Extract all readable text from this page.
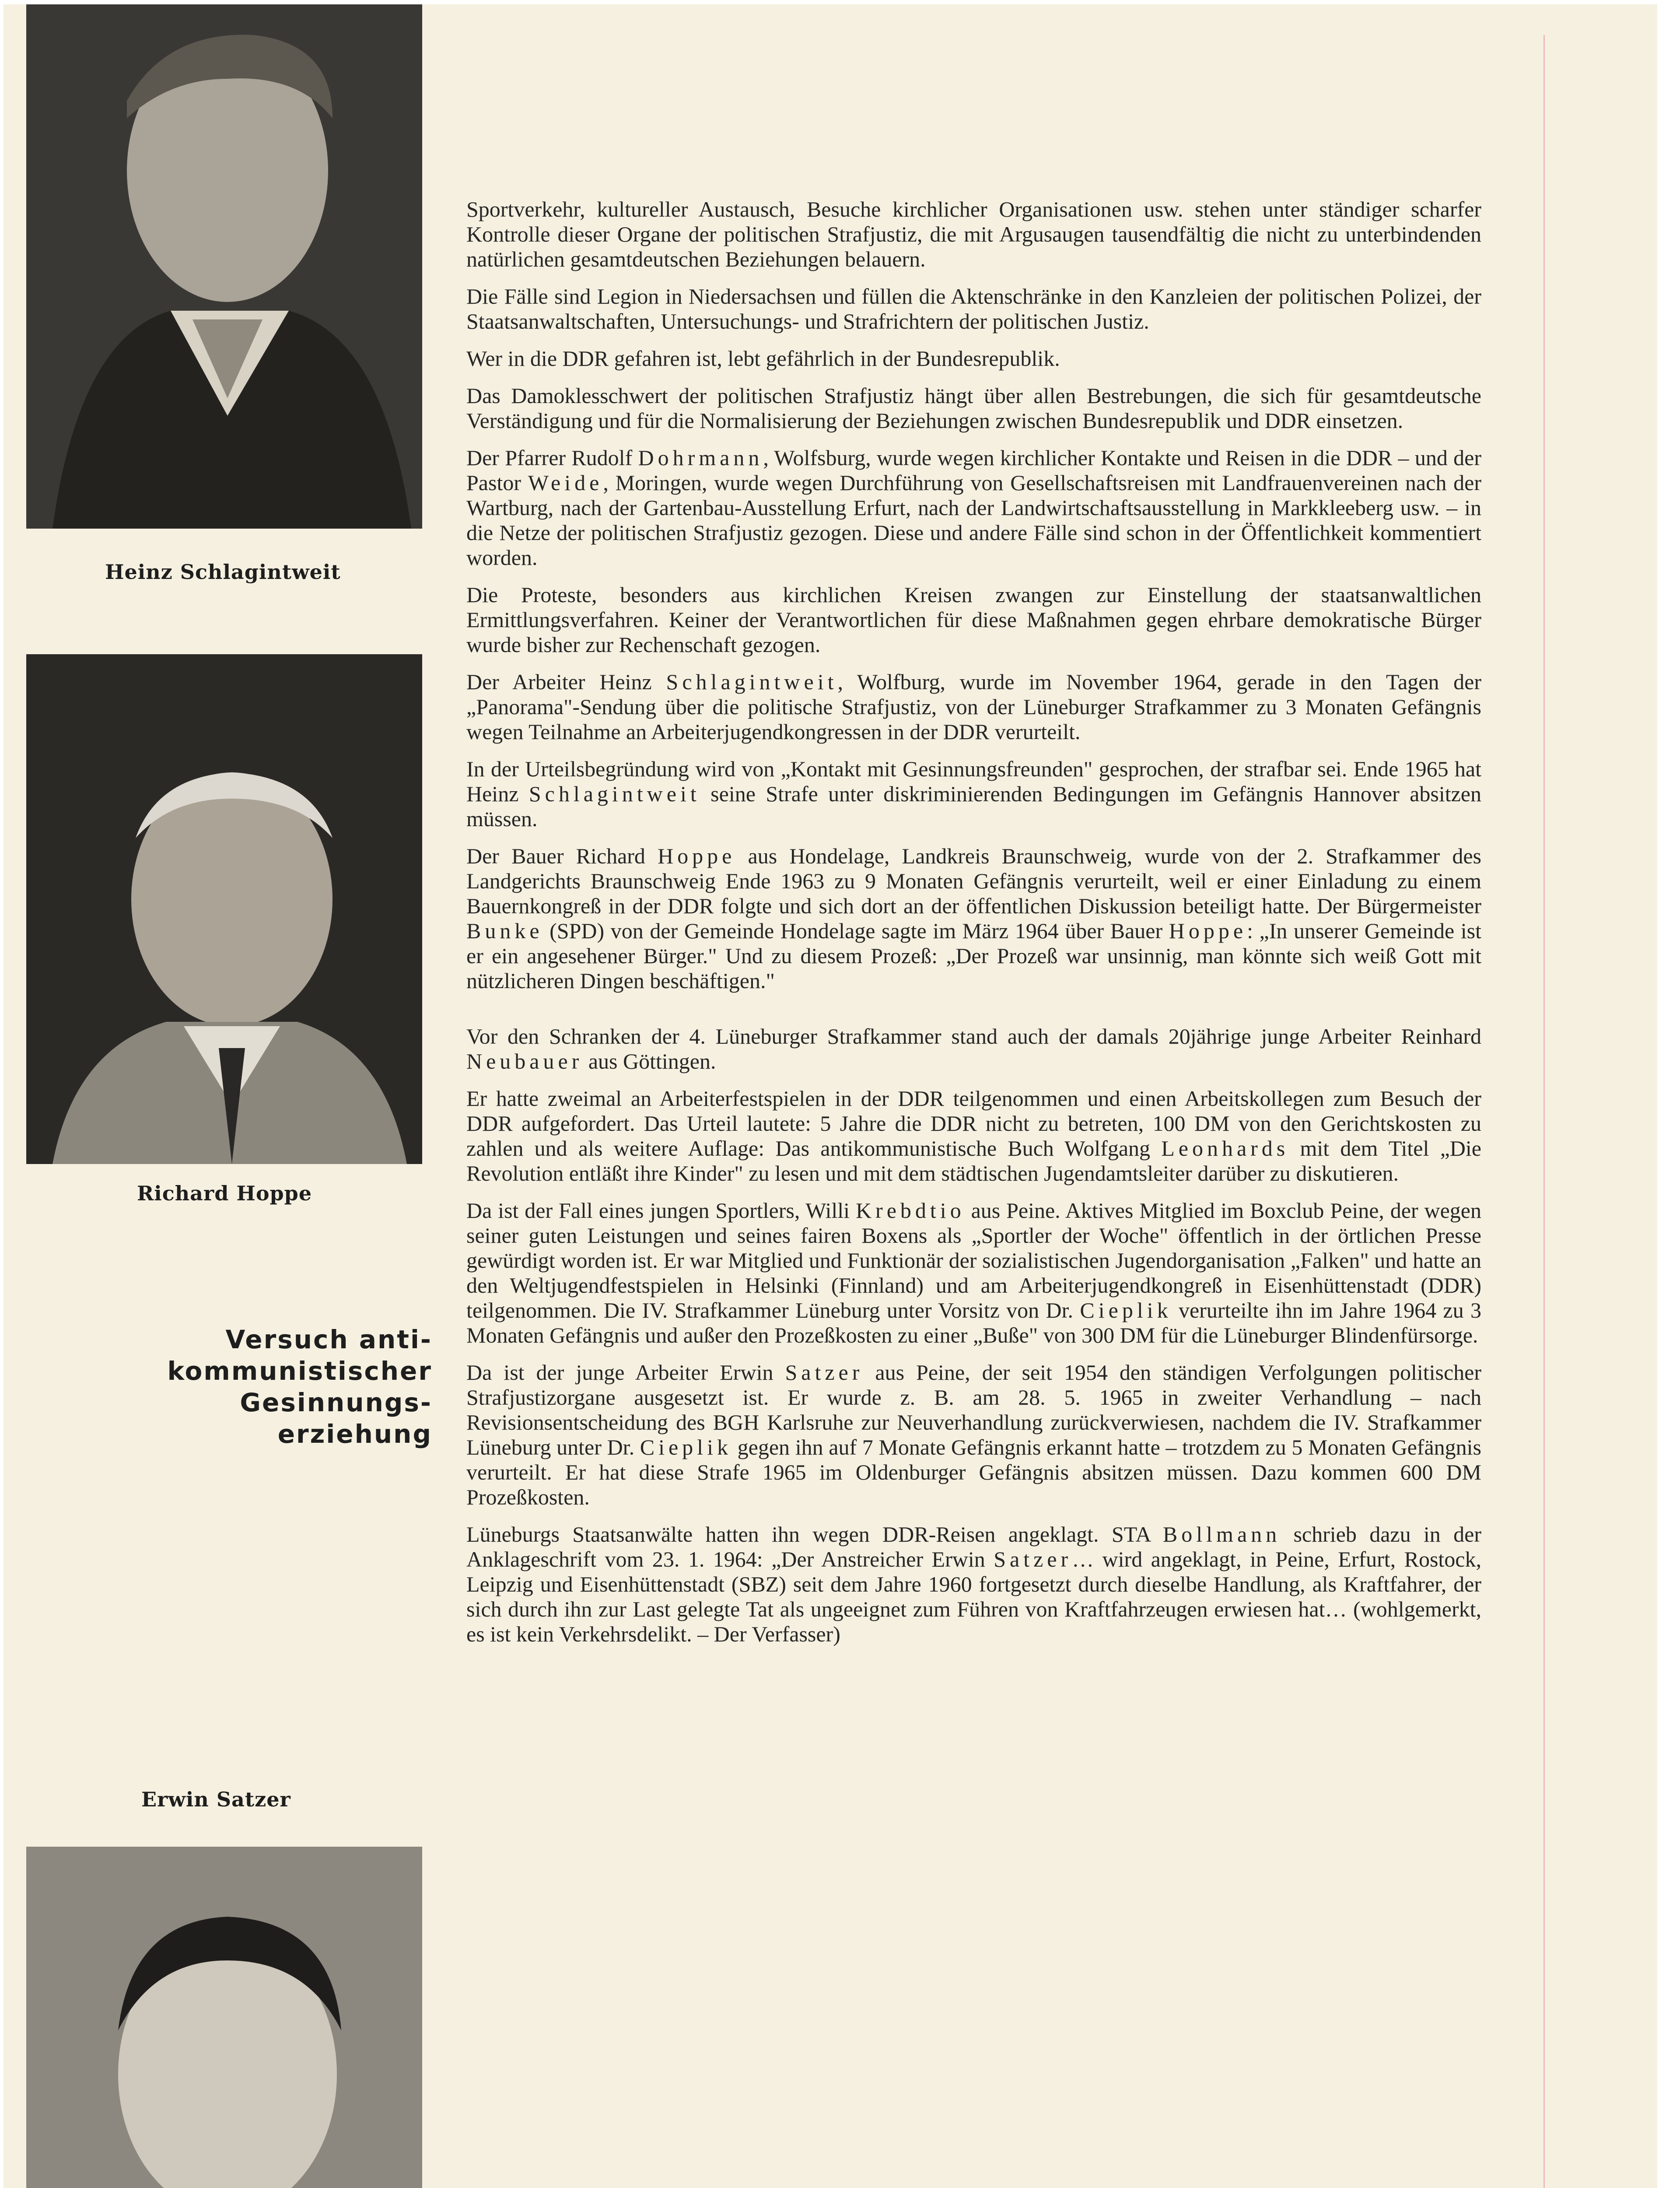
Heinz Schlagintweit
Richard Hoppe
Versuch anti-
kommunistischer
Gesinnungs-
erziehung
Erwin Satzer

Sportverkehr, kultureller Austausch, Besuche kirchlicher Organisationen usw. stehen unter ständiger scharfer Kontrolle dieser Organe der politischen Strafjustiz, die mit Argusaugen tausendfältig die nicht zu unterbindenden natürlichen gesamtdeutschen Beziehungen belauern.

Die Fälle sind Legion in Niedersachsen und füllen die Aktenschränke in den Kanzleien der politischen Polizei, der Staatsanwaltschaften, Untersuchungs- und Strafrichtern der politischen Justiz.

Wer in die DDR gefahren ist, lebt gefährlich in der Bundesrepublik.

Das Damoklesschwert der politischen Strafjustiz hängt über allen Bestrebungen, die sich für gesamtdeutsche Verständigung und für die Normalisierung der Beziehungen zwischen Bundesrepublik und DDR einsetzen.

Der Pfarrer Rudolf Dohrmann, Wolfsburg, wurde wegen kirchlicher Kontakte und Reisen in die DDR – und der Pastor Weide, Moringen, wurde wegen Durchführung von Gesellschaftsreisen mit Landfrauenvereinen nach der Wartburg, nach der Gartenbau-Ausstellung Erfurt, nach der Landwirtschaftsausstellung in Markkleeberg usw. – in die Netze der politischen Strafjustiz gezogen. Diese und andere Fälle sind schon in der Öffentlichkeit kommentiert worden.

Die Proteste, besonders aus kirchlichen Kreisen zwangen zur Einstellung der staatsanwaltlichen Ermittlungsverfahren. Keiner der Verantwortlichen für diese Maßnahmen gegen ehrbare demokratische Bürger wurde bisher zur Rechenschaft gezogen.

Der Arbeiter Heinz Schlagintweit, Wolfburg, wurde im November 1964, gerade in den Tagen der „Panorama"-Sendung über die politische Strafjustiz, von der Lüneburger Strafkammer zu 3 Monaten Gefängnis wegen Teilnahme an Arbeiterjugendkongressen in der DDR verurteilt.

In der Urteilsbegründung wird von „Kontakt mit Gesinnungsfreunden" gesprochen, der strafbar sei. Ende 1965 hat Heinz Schlagintweit seine Strafe unter diskriminierenden Bedingungen im Gefängnis Hannover absitzen müssen.

Der Bauer Richard Hoppe aus Hondelage, Landkreis Braunschweig, wurde von der 2. Strafkammer des Landgerichts Braunschweig Ende 1963 zu 9 Monaten Gefängnis verurteilt, weil er einer Einladung zu einem Bauernkongreß in der DDR folgte und sich dort an der öffentlichen Diskussion beteiligt hatte. Der Bürgermeister Bunke (SPD) von der Gemeinde Hondelage sagte im März 1964 über Bauer Hoppe: „In unserer Gemeinde ist er ein angesehener Bürger." Und zu diesem Prozeß: „Der Prozeß war unsinnig, man könnte sich weiß Gott mit nützlicheren Dingen beschäftigen."

Vor den Schranken der 4. Lüneburger Strafkammer stand auch der damals 20jährige junge Arbeiter Reinhard Neubauer aus Göttingen.

Er hatte zweimal an Arbeiterfestspielen in der DDR teilgenommen und einen Arbeitskollegen zum Besuch der DDR aufgefordert. Das Urteil lautete: 5 Jahre die DDR nicht zu betreten, 100 DM von den Gerichtskosten zu zahlen und als weitere Auflage: Das antikommunistische Buch Wolfgang Leonhards mit dem Titel „Die Revolution entläßt ihre Kinder" zu lesen und mit dem städtischen Jugendamtsleiter darüber zu diskutieren.

Da ist der Fall eines jungen Sportlers, Willi Krebdtio aus Peine. Aktives Mitglied im Boxclub Peine, der wegen seiner guten Leistungen und seines fairen Boxens als „Sportler der Woche" öffentlich in der örtlichen Presse gewürdigt worden ist. Er war Mitglied und Funktionär der sozialistischen Jugendorganisation „Falken" und hatte an den Weltjugendfestspielen in Helsinki (Finnland) und am Arbeiterjugendkongreß in Eisenhüttenstadt (DDR) teilgenommen. Die IV. Strafkammer Lüneburg unter Vorsitz von Dr. Cieplik verurteilte ihn im Jahre 1964 zu 3 Monaten Gefängnis und außer den Prozeßkosten zu einer „Buße" von 300 DM für die Lüneburger Blindenfürsorge.

Da ist der junge Arbeiter Erwin Satzer aus Peine, der seit 1954 den ständigen Verfolgungen politischer Strafjustizorgane ausgesetzt ist. Er wurde z. B. am 28. 5. 1965 in zweiter Verhandlung – nach Revisionsentscheidung des BGH Karlsruhe zur Neuverhandlung zurückverwiesen, nachdem die IV. Strafkammer Lüneburg unter Dr. Cieplik gegen ihn auf 7 Monate Gefängnis erkannt hatte – trotzdem zu 5 Monaten Gefängnis verurteilt. Er hat diese Strafe 1965 im Oldenburger Gefängnis absitzen müssen. Dazu kommen 600 DM Prozeßkosten.

Lüneburgs Staatsanwälte hatten ihn wegen DDR-Reisen angeklagt. STA Bollmann schrieb dazu in der Anklageschrift vom 23. 1. 1964: „Der Anstreicher Erwin Satzer… wird angeklagt, in Peine, Erfurt, Rostock, Leipzig und Eisenhüttenstadt (SBZ) seit dem Jahre 1960 fortgesetzt durch dieselbe Handlung, als Kraftfahrer, der sich durch ihn zur Last gelegte Tat als ungeeignet zum Führen von Kraftfahrzeugen erwiesen hat… (wohlgemerkt, es ist kein Verkehrsdelikt. – Der Verfasser)
